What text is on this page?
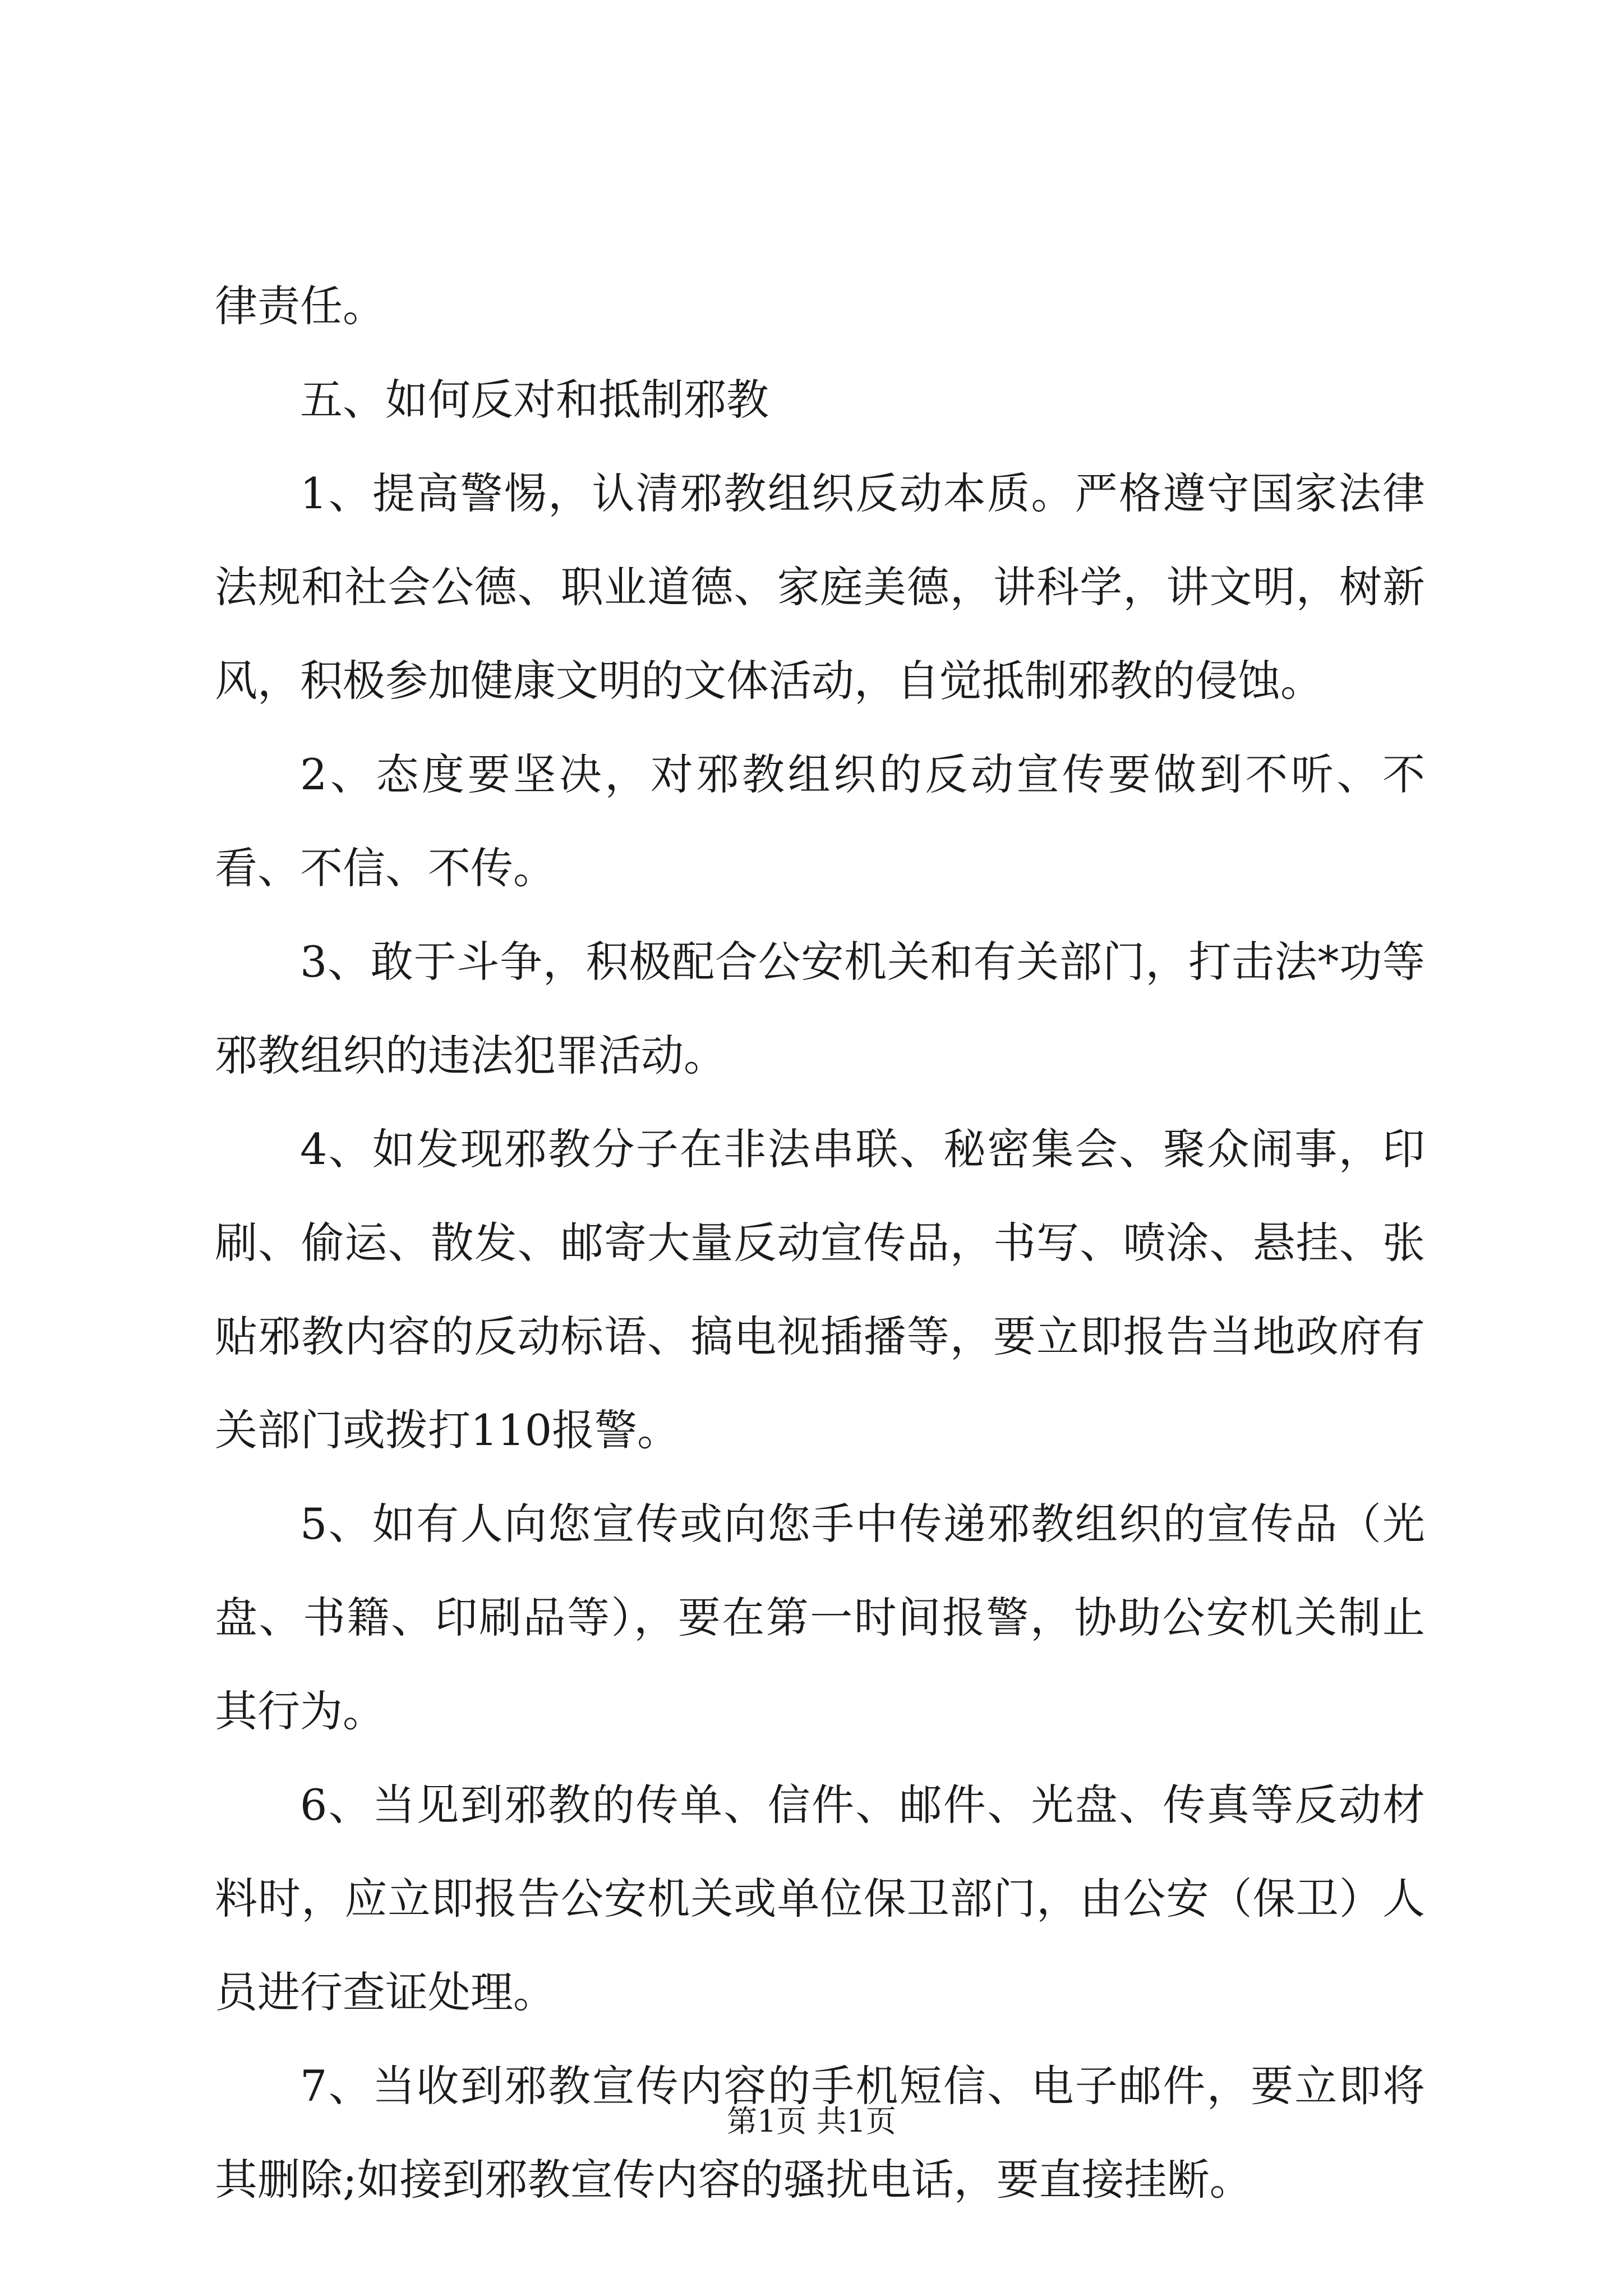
律责任。

五、如何反对和抵制邪教

1、提高警惕，认清邪教组织反动本质。严格遵守国家法律法规和社会公德、职业道德、家庭美德，讲科学，讲文明，树新风，积极参加健康文明的文体活动，自觉抵制邪教的侵蚀。

2、态度要坚决，对邪教组织的反动宣传要做到不听、不看、不信、不传。

3、敢于斗争，积极配合公安机关和有关部门，打击法*功等邪教组织的违法犯罪活动。

4、如发现邪教分子在非法串联、秘密集会、聚众闹事，印刷、偷运、散发、邮寄大量反动宣传品，书写、喷涂、悬挂、张贴邪教内容的反动标语、搞电视插播等，要立即报告当地政府有关部门或拨打110报警。

5、如有人向您宣传或向您手中传递邪教组织的宣传品（光盘、书籍、印刷品等），要在第一时间报警，协助公安机关制止其行为。

6、当见到邪教的传单、信件、邮件、光盘、传真等反动材料时，应立即报告公安机关或单位保卫部门，由公安（保卫）人员进行查证处理。

7、当收到邪教宣传内容的手机短信、电子邮件，要立即将其删除;如接到邪教宣传内容的骚扰电话，要直接挂断。

第1页 共1页
